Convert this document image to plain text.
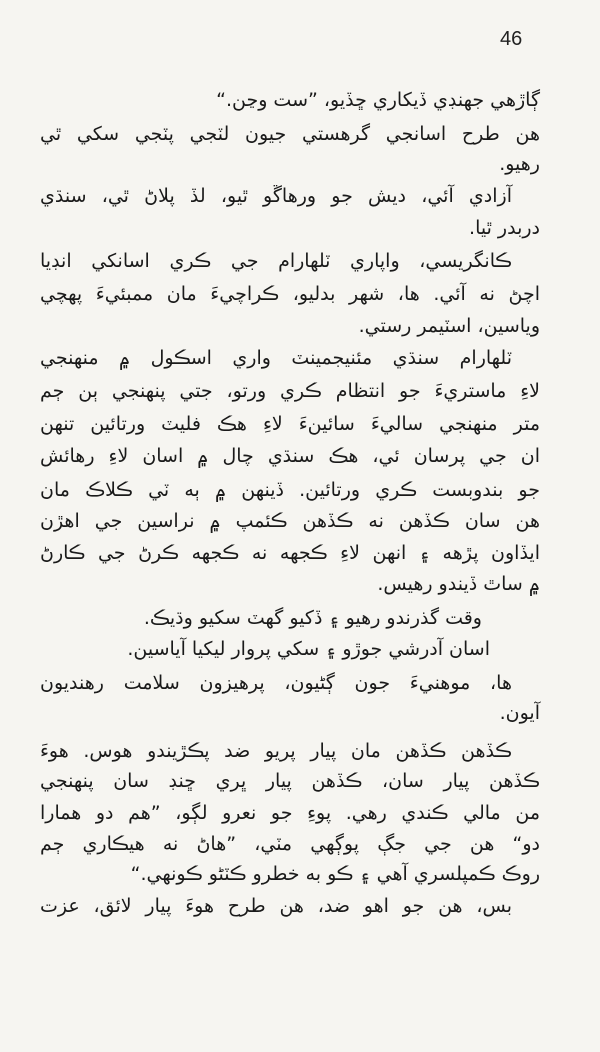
46
ڳاڙهي جهنڊي ڏيکاري ڇڏيو، ”ست وڃن.“
هن طرح اسانجي گرهستي جيون لٽجي پٽجي سکي ٿي
رهيو.
آزادي آئي، ديش جو ورهاڱو ٿيو، لڏ پلاڻ ٿي، سنڌي
دربدر ٿيا.
ڪانگريسي، واپاري ٽلهارام جي ڪري اسانکي انڊيا
اچڻ نه آئي. ها، شهر بدليو، ڪراچيءَ مان ممبئيءَ پهچي
وياسين، اسٽيمر رستي.
ٽلهارام سنڌي مئنيجمينٽ واري اسڪول ۾ منهنجي
لاءِ ماستريءَ جو انتظام ڪري ورتو، جتي پنهنجي ٻن ڄم
متر منهنجي ساليءَ سائينءَ لاءِ هڪ فليٽ ورتائين تنهن
ان جي پرسان ئي، هڪ سنڌي چال ۾ اسان لاءِ رهائش
جو بندوبست ڪري ورتائين. ڏينهن ۾ ٻه ٽي ڪلاڪ مان
هن سان ڪڏهن نه ڪڏهن ڪئمپ ۾ نراسين جي اهڙن
ايڏاون پڙهه ۽ انهن لاءِ ڪجهه نه ڪجهه ڪرڻ جي ڪارڻ
۾ ساٿ ڏيندو رهيس.
وقت گذرندو رهيو ۽ ڏکيو گهٽ سکيو وڌيڪ.
اسان آدرشي جوڙو ۽ سکي پرﻭار ليکيا آياسين.
ها، موهنيءَ جون ڳڻيون، پرهيزون سلامت رهنديون
آيون.
ڪڏهن ڪڏهن مان پيار پريو ضد پڪڙيندو هوس. هوءَ
ڪڏهن پيار سان، ڪڏهن پيار ڀري ڇنڊ سان پنهنجي
من مالي ڪندي رهي. پوءِ جو نعرو لڳو، ”هم دو همارا
دو“ هن جي جڳ پوڳهي مٽي، ”هاڻ نه هيڪاري ڄم
روڪ ڪمپلسري آهي ۽ ڪو به خطرو ڪٽڻو ڪونهي.“
بس، هن جو اهو ضد، هن طرح هوءَ پيار لائق، عزت
